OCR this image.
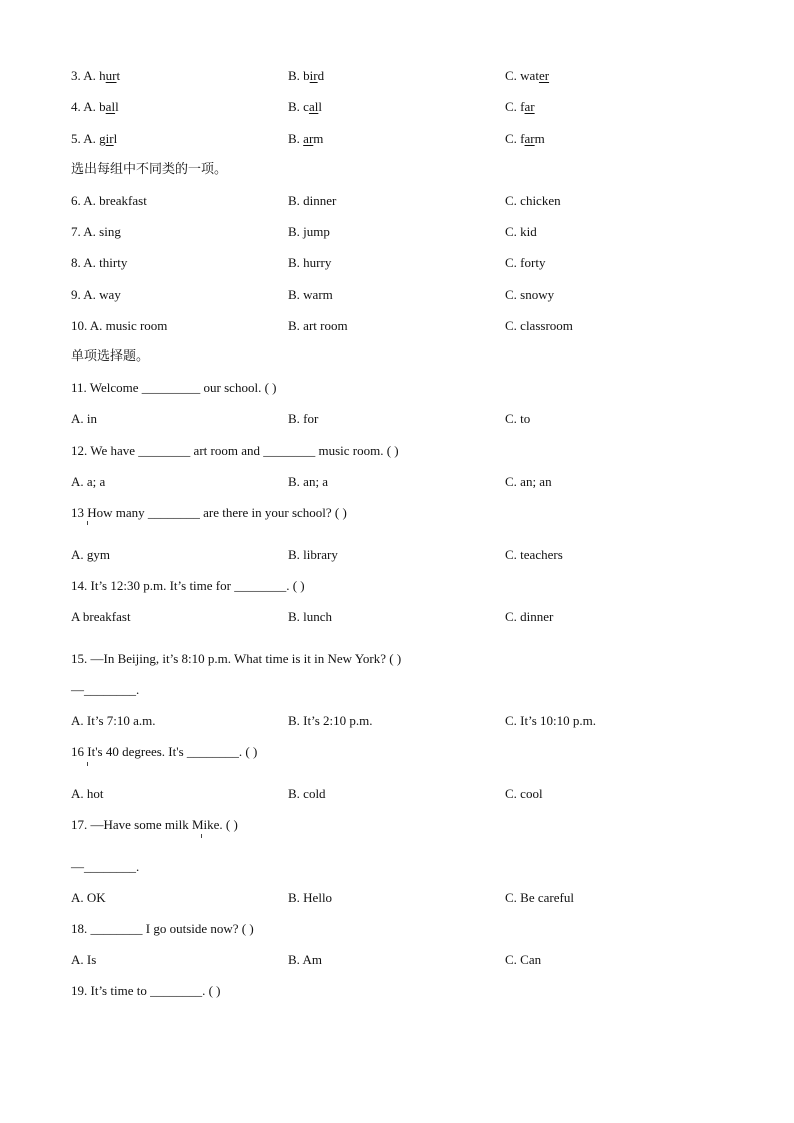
3. A. hurt	B. bird	C. water
4. A. ball	B. call	C. far
5. A. girl	B. arm	C. farm
选出每组中不同类的一项。
6. A. breakfast	B. dinner	C. chicken
7. A. sing	B. jump	C. kid
8. A. thirty	B. hurry	C. forty
9. A. way	B. warm	C. snowy
10. A. music room	B. art room	C. classroom
单项选择题。
11. Welcome _________ our school. ( )
A. in	B. for	C. to
12. We have ________ art room and ________ music room. ( )
A. a; a	B. an; a	C. an; an
13 How many ________ are there in your school? ( )
A. gym	B. library	C. teachers
14. It’s 12:30 p.m. It’s time for ________. ( )
A breakfast	B. lunch	C. dinner
15. —In Beijing, it’s 8:10 p.m. What time is it in New York? ( )
—________.
A. It’s 7:10 a.m.	B. It’s 2:10 p.m.	C. It’s 10:10 p.m.
16 It's 40 degrees. It's ________. ( )
A. hot	B. cold	C. cool
17. —Have some milk Mike. ( )
—________.
A. OK	B. Hello	C. Be careful
18. ________ I go outside now? ( )
A. Is	B. Am	C. Can
19. It’s time to ________. ( )
